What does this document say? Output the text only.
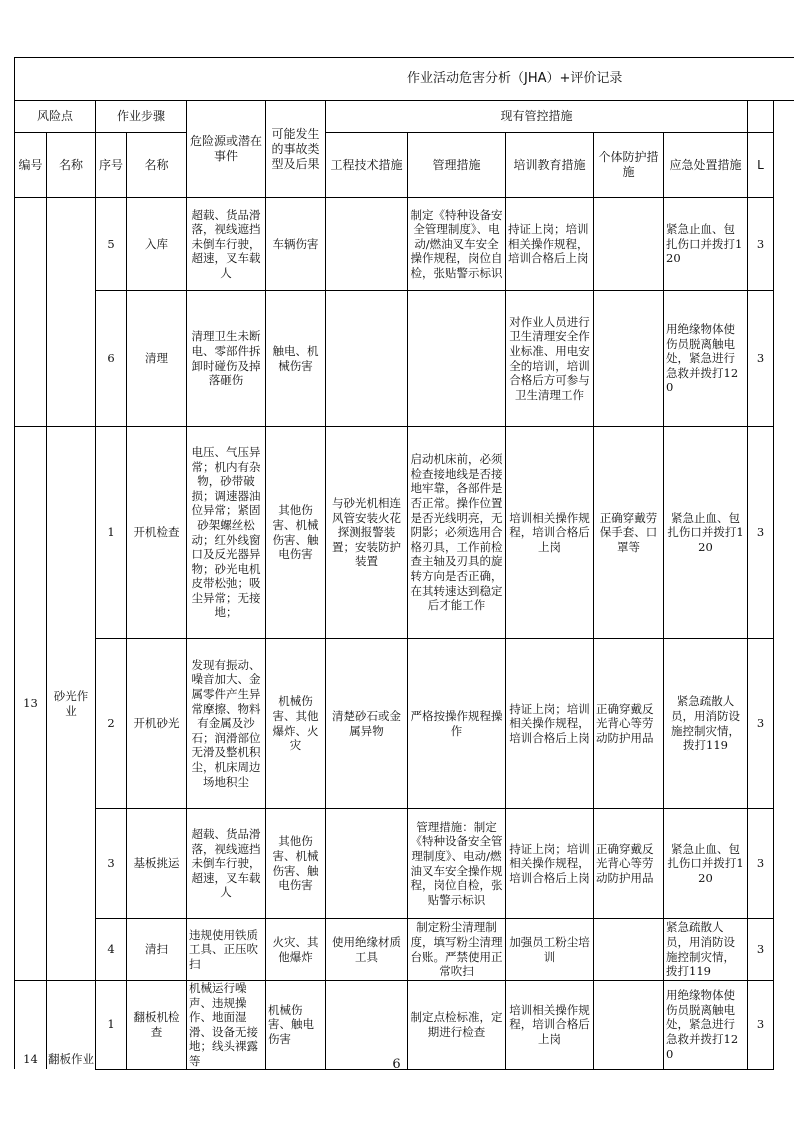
作业活动危害分析（JHA）+评价记录												
风险点		作业步骤		危险源或潜在事件	可能发生的事故类型及后果	现有管控措施						
编号	名称	序号	名称			工程技术措施	管理措施	培训教育措施	个体防护措施	应急处置措施	L	
		5	入库	超载、货品滑落，视线遮挡未倒车行驶，超速，叉车载人	车辆伤害		制定《特种设备安全管理制度》、电动/燃油叉车安全操作规程，岗位自检，张贴警示标识	持证上岗；培训相关操作规程，培训合格后上岗		紧急止血、包扎伤口并拨打120	3	
		6	清理	清理卫生未断电、零部件拆卸时碰伤及掉落砸伤	触电、机械伤害			对作业人员进行卫生清理安全作业标准、用电安全的培训，培训合格后方可参与卫生清理工作		用绝缘物体使伤员脱离触电处，紧急进行急救并拨打120	3	
13	砂光作业	1	开机检查	电压、气压异常；机内有杂物，砂带破损；调速器油位异常；紧固砂架螺丝松动；红外线窗口及反光器异物；砂光电机皮带松弛；吸尘异常；无接地；	其他伤害、机械伤害、触电伤害	与砂光机相连风管安装火花探测报警装置；安装防护装置	启动机床前，必须检查接地线是否接地牢靠，各部件是否正常。操作位置是否光线明亮，无阴影；必须选用合格刃具，工作前检查主轴及刃具的旋转方向是否正确，在其转速达到稳定后才能工作	培训相关操作规程，培训合格后上岗	正确穿戴劳保手套、口罩等	紧急止血、包扎伤口并拨打120	3	
		2	开机砂光	发现有振动、噪音加大、金属零件产生异常摩擦、物料有金属及沙石；润滑部位无滑及整机积尘，机床周边场地积尘	机械伤害、其他爆炸、火灾	清楚砂石或金属异物	严格按操作规程操作	持证上岗；培训相关操作规程，培训合格后上岗	正确穿戴反光背心等劳动防护用品	紧急疏散人员，用消防设施控制灾情，拨打119	3	
		3	基板挑运	超载、货品滑落，视线遮挡未倒车行驶，超速，叉车载人	其他伤害、机械伤害、触电伤害		管理措施：制定《特种设备安全管理制度》、电动/燃油叉车安全操作规程，岗位自检，张贴警示标识	持证上岗；培训相关操作规程，培训合格后上岗	正确穿戴反光背心等劳动防护用品	紧急止血、包扎伤口并拨打120	3	
		4	清扫	违规使用铁质工具、正压吹扫	火灾、其他爆炸	使用绝缘材质工具	制定粉尘清理制度，填写粉尘清理台账。严禁使用正常吹扫	加强员工粉尘培训		紧急疏散人员，用消防设施控制灾情，拨打119	3	
14	翻板作业	1	翻板机检查	机械运行噪声、违规操作、地面湿滑、设备无接地；线头裸露等	机械伤害、触电伤害		制定点检标准，定期进行检查	培训相关操作规程，培训合格后上岗		用绝缘物体使伤员脱离触电处，紧急进行急救并拨打120	3	
6
